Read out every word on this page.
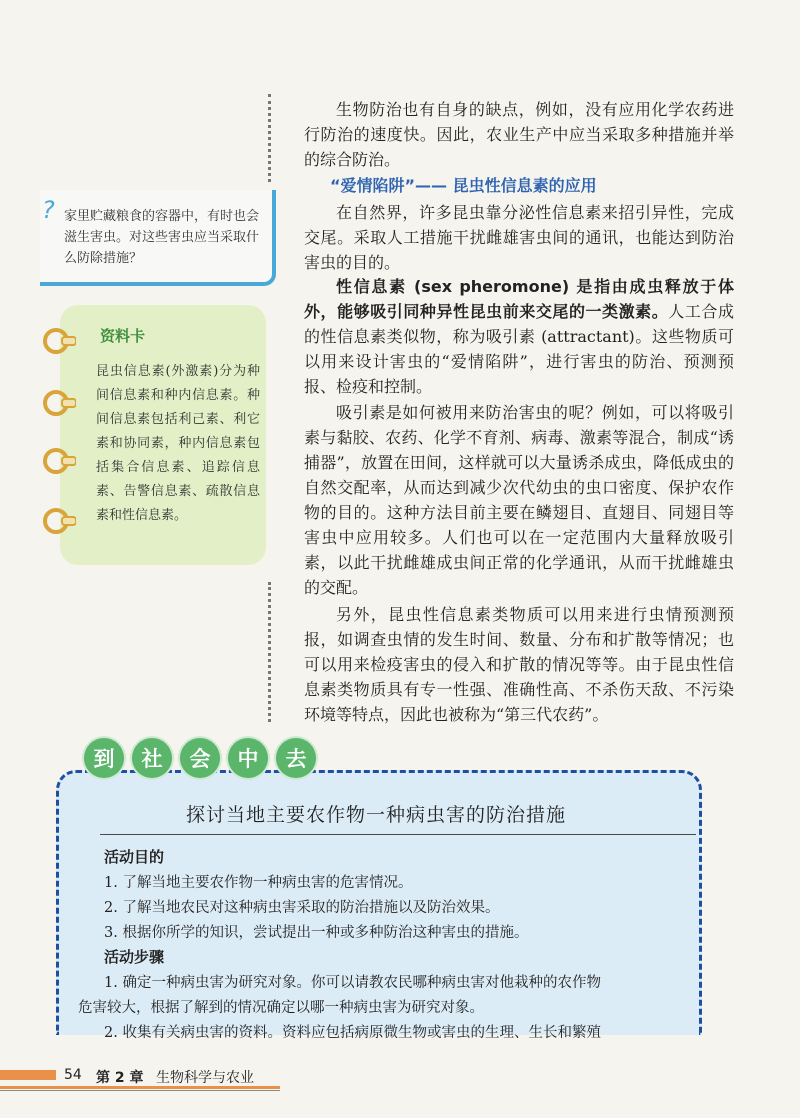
? 家里贮藏粮食的容器中，有时也会滋生害虫。对这些害虫应当采取什么防除措施？
资料卡
昆虫信息素(外激素)分为种间信息素和种内信息素。种间信息素包括利己素、利它素和协同素，种内信息素包括集合信息素、追踪信息素、告警信息素、疏散信息素和性信息素。
生物防治也有自身的缺点，例如，没有应用化学农药进行防治的速度快。因此，农业生产中应当采取多种措施并举的综合防治。
“爱情陷阱”—— 昆虫性信息素的应用
在自然界，许多昆虫靠分泌性信息素来招引异性，完成交尾。采取人工措施干扰雌雄害虫间的通讯，也能达到防治害虫的目的。
性信息素 (sex pheromone) 是指由成虫释放于体外，能够吸引同种异性昆虫前来交尾的一类激素。人工合成的性信息素类似物，称为吸引素 (attractant)。这些物质可以用来设计害虫的“爱情陷阱”，进行害虫的防治、预测预报、检疫和控制。
吸引素是如何被用来防治害虫的呢？例如，可以将吸引素与黏胶、农药、化学不育剂、病毒、激素等混合，制成“诱捕器”，放置在田间，这样就可以大量诱杀成虫，降低成虫的自然交配率，从而达到减少次代幼虫的虫口密度、保护农作物的目的。这种方法目前主要在鳞翅目、直翅目、同翅目等害虫中应用较多。人们也可以在一定范围内大量释放吸引素，以此干扰雌雄成虫间正常的化学通讯，从而干扰雌雄虫的交配。
另外，昆虫性信息素类物质可以用来进行虫情预测预报，如调查虫情的发生时间、数量、分布和扩散等情况；也可以用来检疫害虫的侵入和扩散的情况等等。由于昆虫性信息素类物质具有专一性强、准确性高、不杀伤天敌、不污染环境等特点，因此也被称为“第三代农药”。
到	社	会	中	去
探讨当地主要农作物一种病虫害的防治措施
活动目的
1. 了解当地主要农作物一种病虫害的危害情况。
2. 了解当地农民对这种病虫害采取的防治措施以及防治效果。
3. 根据你所学的知识，尝试提出一种或多种防治这种害虫的措施。
活动步骤
1. 确定一种病虫害为研究对象。你可以请教农民哪种病虫害对他栽种的农作物
危害较大，根据了解到的情况确定以哪一种病虫害为研究对象。
2. 收集有关病虫害的资料。资料应包括病原微生物或害虫的生理、生长和繁殖
54 第 2 章 生物科学与农业
